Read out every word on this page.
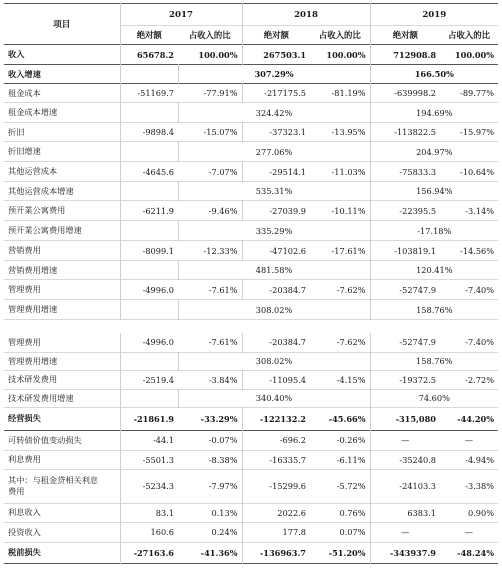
项目	2017		2018		2019	
	绝对额	占收入的比	绝对额	占收入的比	绝对额	占收入的比
收入	65678.2	100.00%	267503.1	100.00%	712908.8	100.00%
收入增速		307.29%			166.50%	
租金成本	-51169.7	-77.91%	-217175.5	-81.19%	-639998.2	-89.77%
租金成本增速		324.42%			194.69%	
折旧	-9898.4	-15.07%	-37323.1	-13.95%	-113822.5	-15.97%
折旧增速		277.06%			204.97%	
其他运营成本	-4645.6	-7.07%	-29514.1	-11.03%	-75833.3	-10.64%
其他运营成本增速		535.31%			156.94%	
预开業公寓费用	-6211.9	-9.46%	-27039.9	-10.11%	-22395.5	-3.14%
预开業公寓费用增速		335.29%			-17.18%	
营销费用	-8099.1	-12.33%	-47102.6	-17.61%	-103819.1	-14.56%
营销费用增速		481.58%			120.41%	
管理费用	-4996.0	-7.61%	-20384.7	-7.62%	-52747.9	-7.40%
管理费用增速		308.02%			158.76%	
管理费用	-4996.0	-7.61%	-20384.7	-7.62%	-52747.9	-7.40%
管理费用增速		308.02%			158.76%	
技术研发费用	-2519.4	-3.84%	-11095.4	-4.15%	-19372.5	-2.72%
技术研发费用增速		340.40%			74.60%	
经营损失	-21861.9	-33.29%	-122132.2	-45.66%	-315,080	-44.20%
可转债价值变动损失	-44.1	-0.07%	-696.2	-0.26%	—	—
利息费用	-5501.3	-8.38%	-16335.7	-6.11%	-35240.8	-4.94%

其中：与租金贷相关利息
费用	-5234.3	-7.97%	-15299.6	-5.72%	-24103.3	-3.38%
利息收入	83.1	0.13%	2022.6	0.76%	6383.1	0.90%
投资收入	160.6	0.24%	177.8	0.07%	—	—
税前损失	-27163.6	-41.36%	-136963.7	-51.20%	-343937.9	-48.24%
